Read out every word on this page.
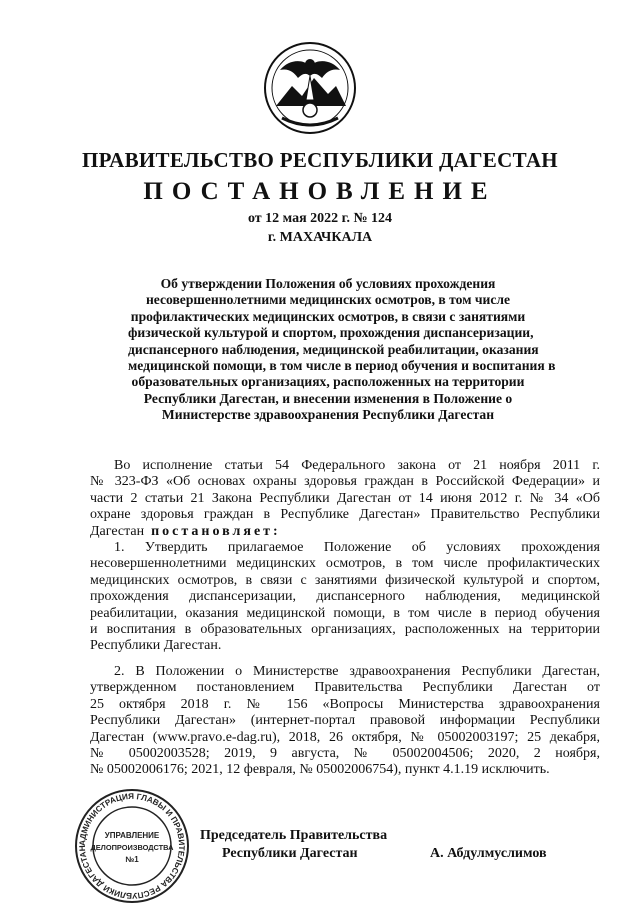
ПРАВИТЕЛЬСТВО РЕСПУБЛИКИ ДАГЕСТАН
ПОСТАНОВЛЕНИЕ
от 12 мая 2022 г. № 124
г. МАХАЧКАЛА
Об утверждении Положения об условиях прохождения
несовершеннолетними медицинских осмотров, в том числе
профилактических медицинских осмотров, в связи с занятиями
физической культурой и спортом, прохождения диспансеризации,
диспансерного наблюдения, медицинской реабилитации, оказания
медицинской помощи, в том числе в период обучения и воспитания в
образовательных организациях, расположенных на территории
Республики Дагестан, и внесении изменения в Положение о
Министерстве здравоохранения Республики Дагестан
Во исполнение статьи 54 Федерального закона от 21 ноября 2011 г.
№ 323-ФЗ «Об основах охраны здоровья граждан в Российской Федерации» и
части 2 статьи 21 Закона Республики Дагестан от 14 июня 2012 г. № 34 «Об
охране здоровья граждан в Республике Дагестан» Правительство Республики
Дагестан постановляет:
1. Утвердить прилагаемое Положение об условиях прохождения
несовершеннолетними медицинских осмотров, в том числе профилактических
медицинских осмотров, в связи с занятиями физической культурой и спортом,
прохождения диспансеризации, диспансерного наблюдения, медицинской
реабилитации, оказания медицинской помощи, в том числе в период обучения
и воспитания в образовательных организациях, расположенных на территории
Республики Дагестан.
2. В Положении о Министерстве здравоохранения Республики Дагестан,
утвержденном постановлением Правительства Республики Дагестан от
25 октября 2018 г. № 156 «Вопросы Министерства здравоохранения
Республики Дагестан» (интернет-портал правовой информации Республики
Дагестан (www.pravo.e-dag.ru), 2018, 26 октября, № 05002003197; 25 декабря,
№ 05002003528; 2019, 9 августа, № 05002004506; 2020, 2 ноября,
№ 05002006176; 2021, 12 февраля, № 05002006754), пункт 4.1.19 исключить.
АДМИНИСТРАЦИЯ ГЛАВЫ И ПРАВИТЕЛЬСТВА РЕСПУБЛИКИ ДАГЕСТАН
УПРАВЛЕНИЕ
ДЕЛОПРОИЗВОДСТВА
№1
Председатель Правительства
Республики Дагестан	А. Абдулмуслимов
